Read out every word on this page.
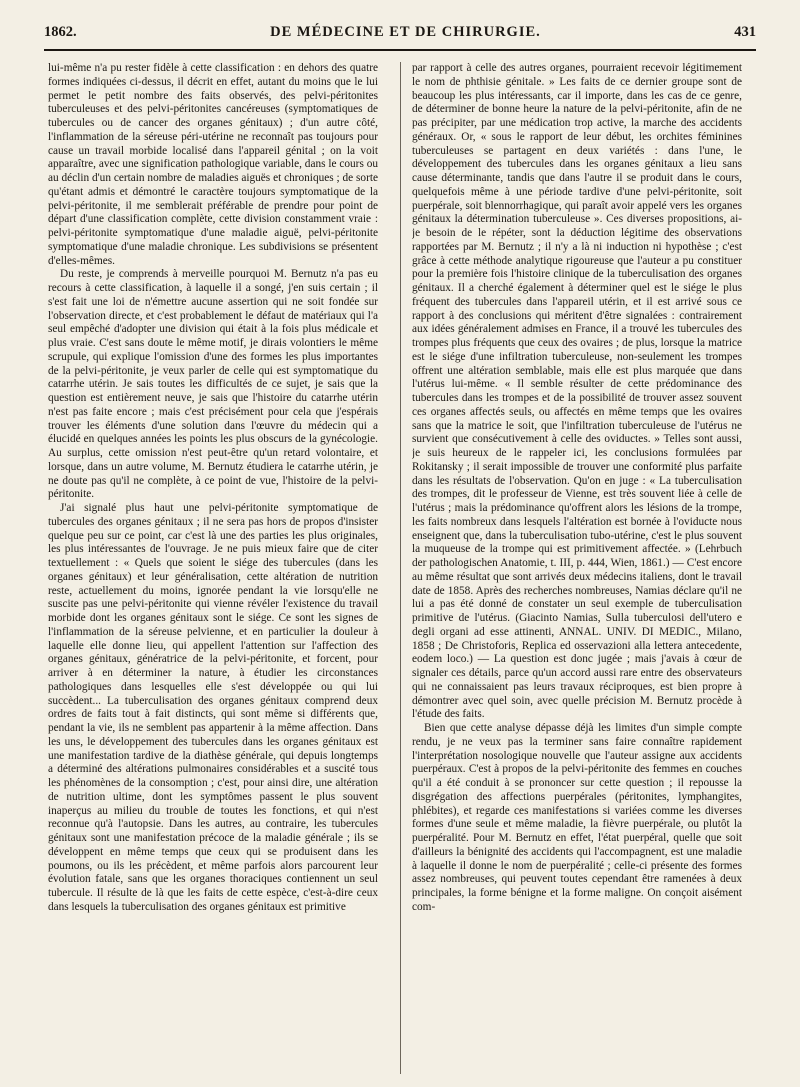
1862.	DE MÉDECINE ET DE CHIRURGIE.	431

lui-même n'a pu rester fidèle à cette classification : en dehors des quatre formes indiquées ci-dessus, il décrit en effet, autant du moins que le lui permet le petit nombre des faits observés, des pelvi-péritonites tuberculeuses et des pelvi-péritonites cancéreuses (symptomatiques de tubercules ou de cancer des organes génitaux) ; d'un autre côté, l'inflammation de la séreuse péri-utérine ne reconnaît pas toujours pour cause un travail morbide localisé dans l'appareil génital ; on la voit apparaître, avec une signification pathologique variable, dans le cours ou au déclin d'un certain nombre de maladies aiguës et chroniques ; de sorte qu'étant admis et démontré le caractère toujours symptomatique de la pelvi-péritonite, il me semblerait préférable de prendre pour point de départ d'une classification complète, cette division constamment vraie : pelvi-péritonite symptomatique d'une maladie aiguë, pelvi-péritonite symptomatique d'une maladie chronique. Les subdivisions se présentent d'elles-mêmes.

Du reste, je comprends à merveille pourquoi M. Bernutz n'a pas eu recours à cette classification, à laquelle il a songé, j'en suis certain ; il s'est fait une loi de n'émettre aucune assertion qui ne soit fondée sur l'observation directe, et c'est probablement le défaut de matériaux qui l'a seul empêché d'adopter une division qui était à la fois plus médicale et plus vraie. C'est sans doute le même motif, je dirais volontiers le même scrupule, qui explique l'omission d'une des formes les plus importantes de la pelvi-péritonite, je veux parler de celle qui est symptomatique du catarrhe utérin. Je sais toutes les difficultés de ce sujet, je sais que la question est entièrement neuve, je sais que l'histoire du catarrhe utérin n'est pas faite encore ; mais c'est précisément pour cela que j'espérais trouver les éléments d'une solution dans l'œuvre du médecin qui a élucidé en quelques années les points les plus obscurs de la gynécologie. Au surplus, cette omission n'est peut-être qu'un retard volontaire, et lorsque, dans un autre volume, M. Bernutz étudiera le catarrhe utérin, je ne doute pas qu'il ne complète, à ce point de vue, l'histoire de la pelvi-péritonite.

J'ai signalé plus haut une pelvi-péritonite symptomatique de tubercules des organes génitaux ; il ne sera pas hors de propos d'insister quelque peu sur ce point, car c'est là une des parties les plus originales, les plus intéressantes de l'ouvrage. Je ne puis mieux faire que de citer textuellement : « Quels que soient le siége des tubercules (dans les organes génitaux) et leur généralisation, cette altération de nutrition reste, actuellement du moins, ignorée pendant la vie lorsqu'elle ne suscite pas une pelvi-péritonite qui vienne révéler l'existence du travail morbide dont les organes génitaux sont le siége. Ce sont les signes de l'inflammation de la séreuse pelvienne, et en particulier la douleur à laquelle elle donne lieu, qui appellent l'attention sur l'affection des organes génitaux, génératrice de la pelvi-péritonite, et forcent, pour arriver à en déterminer la nature, à étudier les circonstances pathologiques dans lesquelles elle s'est développée ou qui lui succèdent... La tuberculisation des organes génitaux comprend deux ordres de faits tout à fait distincts, qui sont même si différents que, pendant la vie, ils ne semblent pas appartenir à la même affection. Dans les uns, le développement des tubercules dans les organes génitaux est une manifestation tardive de la diathèse générale, qui depuis longtemps a déterminé des altérations pulmonaires considérables et a suscité tous les phénomènes de la consomption ; c'est, pour ainsi dire, une altération de nutrition ultime, dont les symptômes passent le plus souvent inaperçus au milieu du trouble de toutes les fonctions, et qui n'est reconnue qu'à l'autopsie. Dans les autres, au contraire, les tubercules génitaux sont une manifestation précoce de la maladie générale ; ils se développent en même temps que ceux qui se produisent dans les poumons, ou ils les précèdent, et même parfois alors parcourent leur évolution fatale, sans que les organes thoraciques contiennent un seul tubercule. Il résulte de là que les faits de cette espèce, c'est-à-dire ceux dans lesquels la tuberculisation des organes génitaux est primitive

par rapport à celle des autres organes, pourraient recevoir légitimement le nom de phthisie génitale. » Les faits de ce dernier groupe sont de beaucoup les plus intéressants, car il importe, dans les cas de ce genre, de déterminer de bonne heure la nature de la pelvi-péritonite, afin de ne pas précipiter, par une médication trop active, la marche des accidents généraux. Or, « sous le rapport de leur début, les orchites féminines tuberculeuses se partagent en deux variétés : dans l'une, le développement des tubercules dans les organes génitaux a lieu sans cause déterminante, tandis que dans l'autre il se produit dans le cours, quelquefois même à une période tardive d'une pelvi-péritonite, soit puerpérale, soit blennorrhagique, qui paraît avoir appelé vers les organes génitaux la détermination tuberculeuse ». Ces diverses propositions, ai-je besoin de le répéter, sont la déduction légitime des observations rapportées par M. Bernutz ; il n'y a là ni induction ni hypothèse ; c'est grâce à cette méthode analytique rigoureuse que l'auteur a pu constituer pour la première fois l'histoire clinique de la tuberculisation des organes génitaux. Il a cherché également à déterminer quel est le siége le plus fréquent des tubercules dans l'appareil utérin, et il est arrivé sous ce rapport à des conclusions qui méritent d'être signalées : contrairement aux idées généralement admises en France, il a trouvé les tubercules des trompes plus fréquents que ceux des ovaires ; de plus, lorsque la matrice est le siége d'une infiltration tuberculeuse, non-seulement les trompes offrent une altération semblable, mais elle est plus marquée que dans l'utérus lui-même. « Il semble résulter de cette prédominance des tubercules dans les trompes et de la possibilité de trouver assez souvent ces organes affectés seuls, ou affectés en même temps que les ovaires sans que la matrice le soit, que l'infiltration tuberculeuse de l'utérus ne survient que consécutivement à celle des oviductes. » Telles sont aussi, je suis heureux de le rappeler ici, les conclusions formulées par Rokitansky ; il serait impossible de trouver une conformité plus parfaite dans les résultats de l'observation. Qu'on en juge : « La tuberculisation des trompes, dit le professeur de Vienne, est très souvent liée à celle de l'utérus ; mais la prédominance qu'offrent alors les lésions de la trompe, les faits nombreux dans lesquels l'altération est bornée à l'oviducte nous enseignent que, dans la tuberculisation tubo-utérine, c'est le plus souvent la muqueuse de la trompe qui est primitivement affectée. » (Lehrbuch der pathologischen Anatomie, t. III, p. 444, Wien, 1861.) — C'est encore au même résultat que sont arrivés deux médecins italiens, dont le travail date de 1858. Après des recherches nombreuses, Namias déclare qu'il ne lui a pas été donné de constater un seul exemple de tuberculisation primitive de l'utérus. (Giacinto Namias, Sulla tuberculosi dell'utero e degli organi ad esse attinenti, ANNAL. UNIV. DI MEDIC., Milano, 1858 ; De Christoforis, Replica ed osservazioni alla lettera antecedente, eodem loco.) — La question est donc jugée ; mais j'avais à cœur de signaler ces détails, parce qu'un accord aussi rare entre des observateurs qui ne connaissaient pas leurs travaux réciproques, est bien propre à démontrer avec quel soin, avec quelle précision M. Bernutz procède à l'étude des faits.

Bien que cette analyse dépasse déjà les limites d'un simple compte rendu, je ne veux pas la terminer sans faire connaître rapidement l'interprétation nosologique nouvelle que l'auteur assigne aux accidents puerpéraux. C'est à propos de la pelvi-péritonite des femmes en couches qu'il a été conduit à se prononcer sur cette question ; il repousse la disgrégation des affections puerpérales (péritonites, lymphangites, phlébites), et regarde ces manifestations si variées comme les diverses formes d'une seule et même maladie, la fièvre puerpérale, ou plutôt la puerpéralité. Pour M. Bernutz en effet, l'état puerpéral, quelle que soit d'ailleurs la bénignité des accidents qui l'accompagnent, est une maladie à laquelle il donne le nom de puerpéralité ; celle-ci présente des formes assez nombreuses, qui peuvent toutes cependant être ramenées à deux principales, la forme bénigne et la forme maligne. On conçoit aisément com-
